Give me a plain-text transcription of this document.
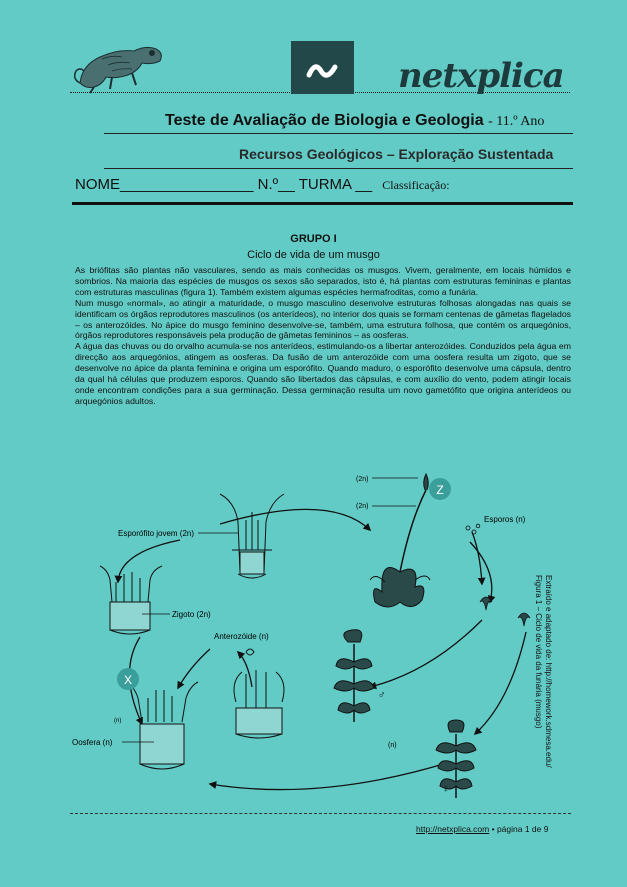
netxplica
Teste de Avaliação de Biologia e Geologia - 11.º Ano
Recursos Geológicos – Exploração Sustentada
NOME________________ N.º__ TURMA __ Classificação:
GRUPO I
Ciclo de vida de um musgo

As briófitas são plantas não vasculares, sendo as mais conhecidas os musgos. Vivem, geralmente, em locais húmidos e sombrios. Na maioria das espécies de musgos os sexos são separados, isto é, há plantas com estruturas femininas e plantas com estruturas masculinas (figura 1). Também existem algumas espécies hermafroditas, como a funária.

Num musgo «normal», ao atingir a maturidade, o musgo masculino desenvolve estruturas folhosas alongadas nas quais se identificam os órgãos reprodutores masculinos (os anterídeos), no interior dos quais se formam centenas de gâmetas flagelados – os anterozóides. No ápice do musgo feminino desenvolve-se, também, uma estrutura folhosa, que contém os arquegónios, órgãos reprodutores responsáveis pela produção de gâmetas femininos – as oosferas.

A água das chuvas ou do orvalho acumula-se nos anterídeos, estimulando-os a libertar anterozóides. Conduzidos pela água em direcção aos arquegónios, atingem as oosferas. Da fusão de um anterozóide com uma oosfera resulta um zigoto, que se desenvolve no ápice da planta feminina e origina um esporófito. Quando maduro, o esporófito desenvolve uma cápsula, dentro da qual há células que produzem esporos. Quando são libertados das cápsulas, e com auxílio do vento, podem atingir locais onde encontram condições para a sua germinação. Dessa germinação resulta um novo gametófito que origina anterídeos ou arquegónios adultos.

Esporófito jovem (2n)
Zigoto (2n)
Anterozóide (n)
Oosfera (n)
(n)
(2n)
(2n)
Esporos (n)
(n)
♂
♀
Z
X	Extraído e adaptado de: http://homework.sdmesa.edu/
Figura 1 – Ciclo de vida da funária (musgo)
http://netxplica.com • página 1 de 9
